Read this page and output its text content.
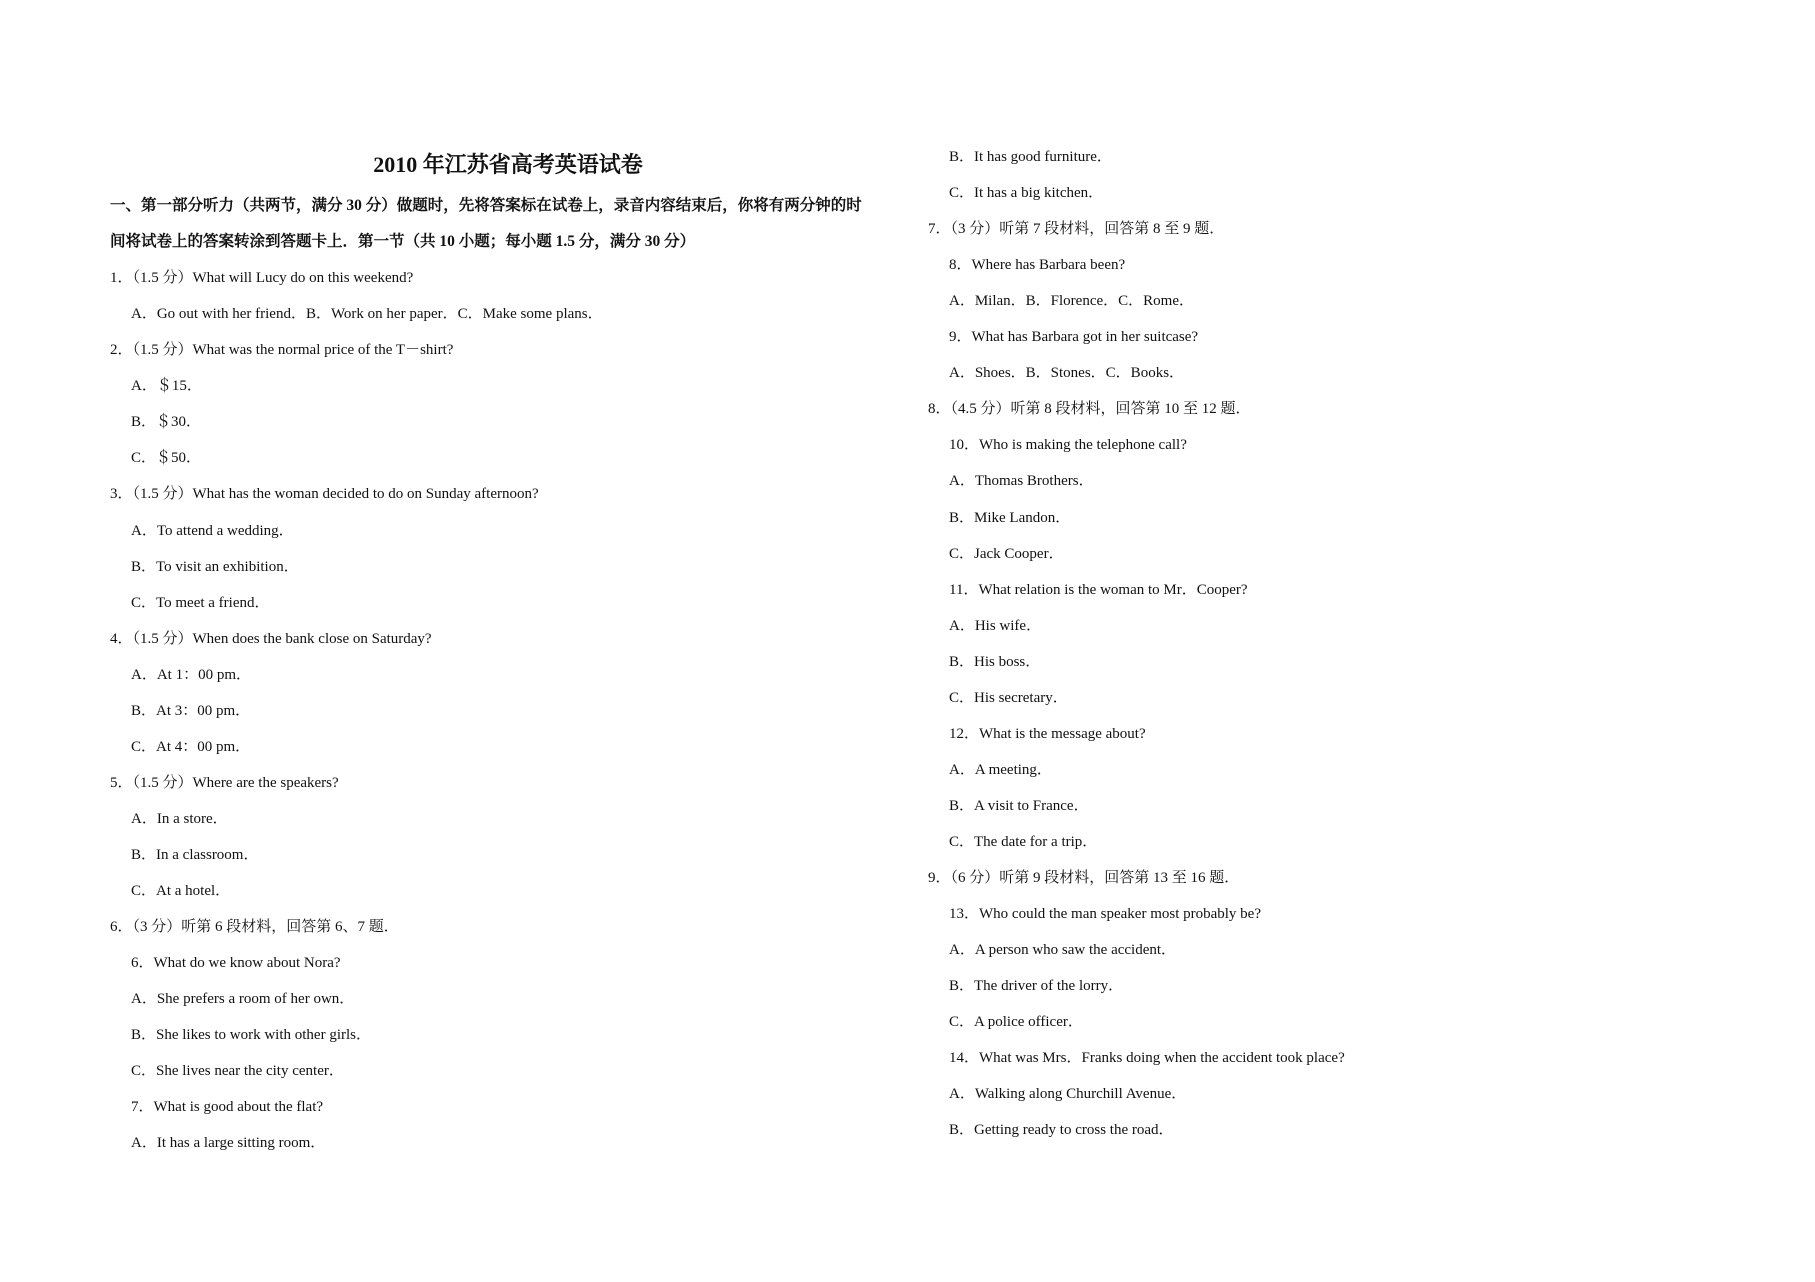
2010 年江苏省高考英语试卷
一、第一部分听力（共两节，满分 30 分）做题时，先将答案标在试卷上，录音内容结束后，你将有两分钟的时
间将试卷上的答案转涂到答题卡上．第一节（共 10 小题；每小题 1.5 分，满分 30 分）
1．（1.5 分）What will Lucy do on this weekend?
A．Go out with her friend．B．Work on her paper．C．Make some plans．
2．（1.5 分）What was the normal price of the T－shirt?
A．＄15．
B．＄30．
C．＄50．
3．（1.5 分）What has the woman decided to do on Sunday afternoon?
A．To attend a wedding．
B．To visit an exhibition．
C．To meet a friend．
4．（1.5 分）When does the bank close on Saturday?
A．At 1：00 pm．
B．At 3：00 pm．
C．At 4：00 pm．
5．（1.5 分）Where are the speakers?
A．In a store．
B．In a classroom．
C．At a hotel．
6．（3 分）听第 6 段材料，回答第 6、7 题．
6．What do we know about Nora?
A．She prefers a room of her own．
B．She likes to work with other girls．
C．She lives near the city center．
7．What is good about the flat?
A．It has a large sitting room．
B．It has good furniture．
C．It has a big kitchen．
7．（3 分）听第 7 段材料，回答第 8 至 9 题．
8．Where has Barbara been?
A．Milan．B．Florence．C．Rome．
9．What has Barbara got in her suitcase?
A．Shoes．B．Stones．C．Books．
8．（4.5 分）听第 8 段材料，回答第 10 至 12 题．
10．Who is making the telephone call?
A．Thomas Brothers．
B．Mike Landon．
C．Jack Cooper．
11．What relation is the woman to Mr．Cooper?
A．His wife．
B．His boss．
C．His secretary．
12．What is the message about?
A．A meeting．
B．A visit to France．
C．The date for a trip．
9．（6 分）听第 9 段材料，回答第 13 至 16 题．
13．Who could the man speaker most probably be?
A．A person who saw the accident．
B．The driver of the lorry．
C．A police officer．
14．What was Mrs．Franks doing when the accident took place?
A．Walking along Churchill Avenue．
B．Getting ready to cross the road．
